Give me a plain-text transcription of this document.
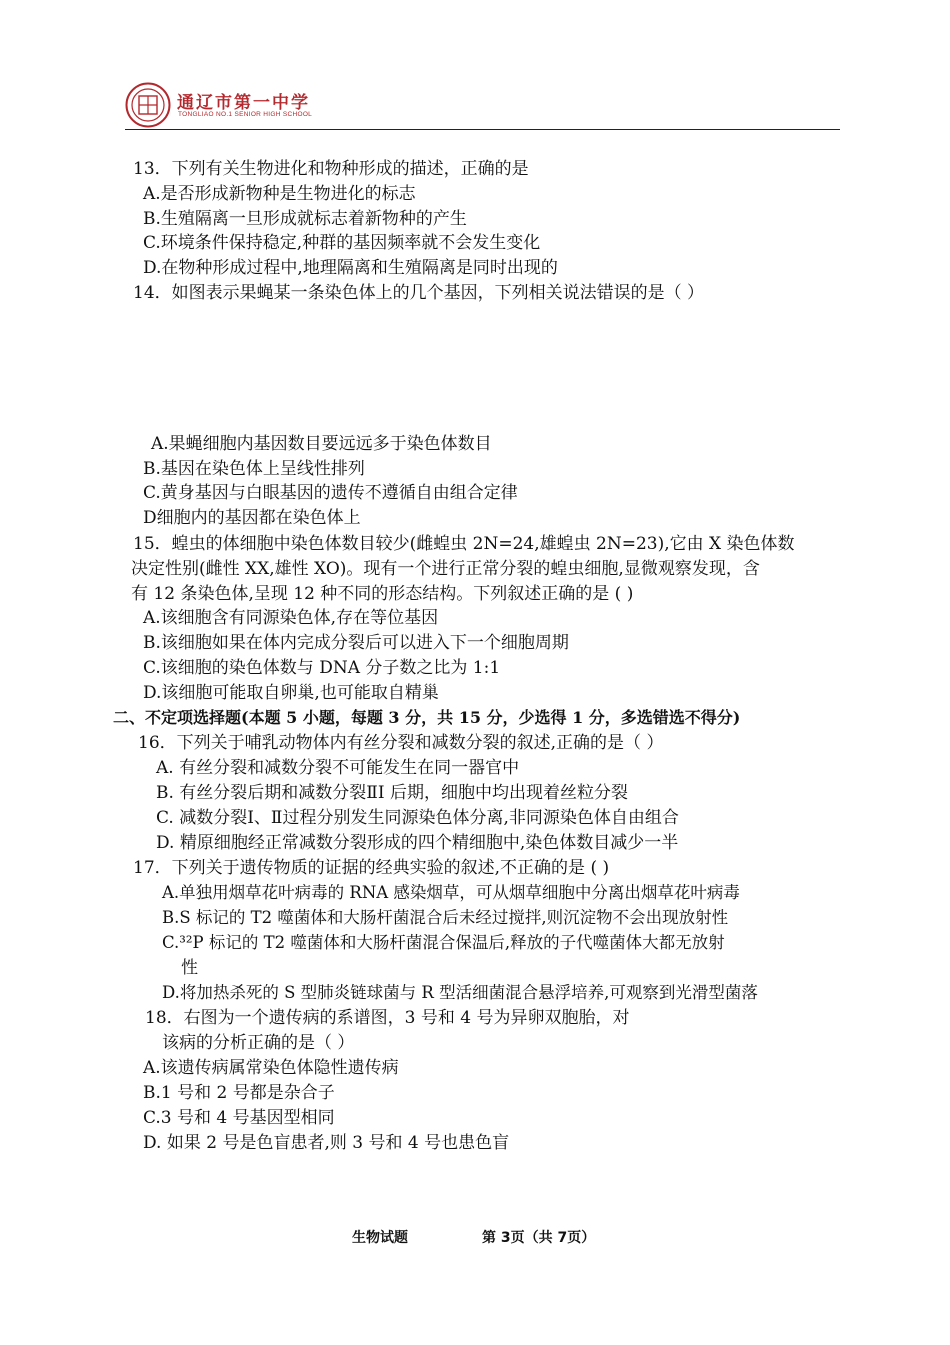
通辽市第一中学
TONGLIAO NO.1 SENIOR HIGH SCHOOL
13．下列有关生物进化和物种形成的描述，正确的是
A.是否形成新物种是生物进化的标志
B.生殖隔离一旦形成就标志着新物种的产生
C.环境条件保持稳定,种群的基因频率就不会发生变化
D.在物种形成过程中,地理隔离和生殖隔离是同时出现的
14．如图表示果蝇某一条染色体上的几个基因，下列相关说法错误的是（ ）
A.果蝇细胞内基因数目要远远多于染色体数目
B.基因在染色体上呈线性排列
C.黄身基因与白眼基因的遗传不遵循自由组合定律
D细胞内的基因都在染色体上
15．蝗虫的体细胞中染色体数目较少(雌蝗虫 2N=24,雄蝗虫 2N=23),它由 X 染色体数
决定性别(雌性 XX,雄性 XO)。现有一个进行正常分裂的蝗虫细胞,显微观察发现，含
有 12 条染色体,呈现 12 种不同的形态结构。下列叙述正确的是 ( )
A.该细胞含有同源染色体,存在等位基因
B.该细胞如果在体内完成分裂后可以进入下一个细胞周期
C.该细胞的染色体数与 DNA 分子数之比为 1:1
D.该细胞可能取自卵巢,也可能取自精巢
二、不定项选择题(本题 5 小题，每题 3 分，共 15 分，少选得 1 分，多选错选不得分)
16．下列关于哺乳动物体内有丝分裂和减数分裂的叙述,正确的是（ ）
A. 有丝分裂和减数分裂不可能发生在同一器官中
B. 有丝分裂后期和减数分裂ⅡI 后期，细胞中均出现着丝粒分裂
C. 减数分裂Ⅰ、Ⅱ过程分别发生同源染色体分离,非同源染色体自由组合
D. 精原细胞经正常减数分裂形成的四个精细胞中,染色体数目减少一半
17．下列关于遗传物质的证据的经典实验的叙述,不正确的是 ( )
A.单独用烟草花叶病毒的 RNA 感染烟草，可从烟草细胞中分离出烟草花叶病毒
B.S 标记的 T2 噬菌体和大肠杆菌混合后未经过搅拌,则沉淀物不会出现放射性
C.³²P 标记的 T2 噬菌体和大肠杆菌混合保温后,释放的子代噬菌体大都无放射
性
D.将加热杀死的 S 型肺炎链球菌与 R 型活细菌混合悬浮培养,可观察到光滑型菌落
18．右图为一个遗传病的系谱图，3 号和 4 号为异卵双胞胎，对
该病的分析正确的是（ ）
A.该遗传病属常染色体隐性遗传病
B.1 号和 2 号都是杂合子
C.3 号和 4 号基因型相同
D. 如果 2 号是色盲患者,则 3 号和 4 号也患色盲
生物试题	第 3页（共 7页）
